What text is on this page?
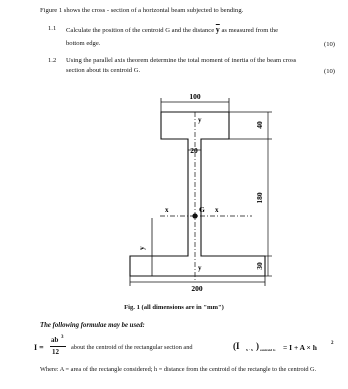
Figure 1 shows the cross - section of a horizontal beam subjected to bending.
1.1 Calculate the position of the centroid G and the distance $\overline{y}$ as measured from the
bottom edge.	(10)
1.2 Using the parallel axis theorem determine the total moment of inertia of the beam cross
section about its centroid G.	(10)
100
y
y
20
x	x
G
y
40
180
30
200
Fig. 1 (all dimensions are in "mm")
The following formulae may be used:
I =
ab 3
12
about the centroid of the rectangular section and	(I x - x ) centroid G = I + A × h	2
Where: A = area of the rectangle considered; h = distance from the centroid of the rectangle to the centroid G.
